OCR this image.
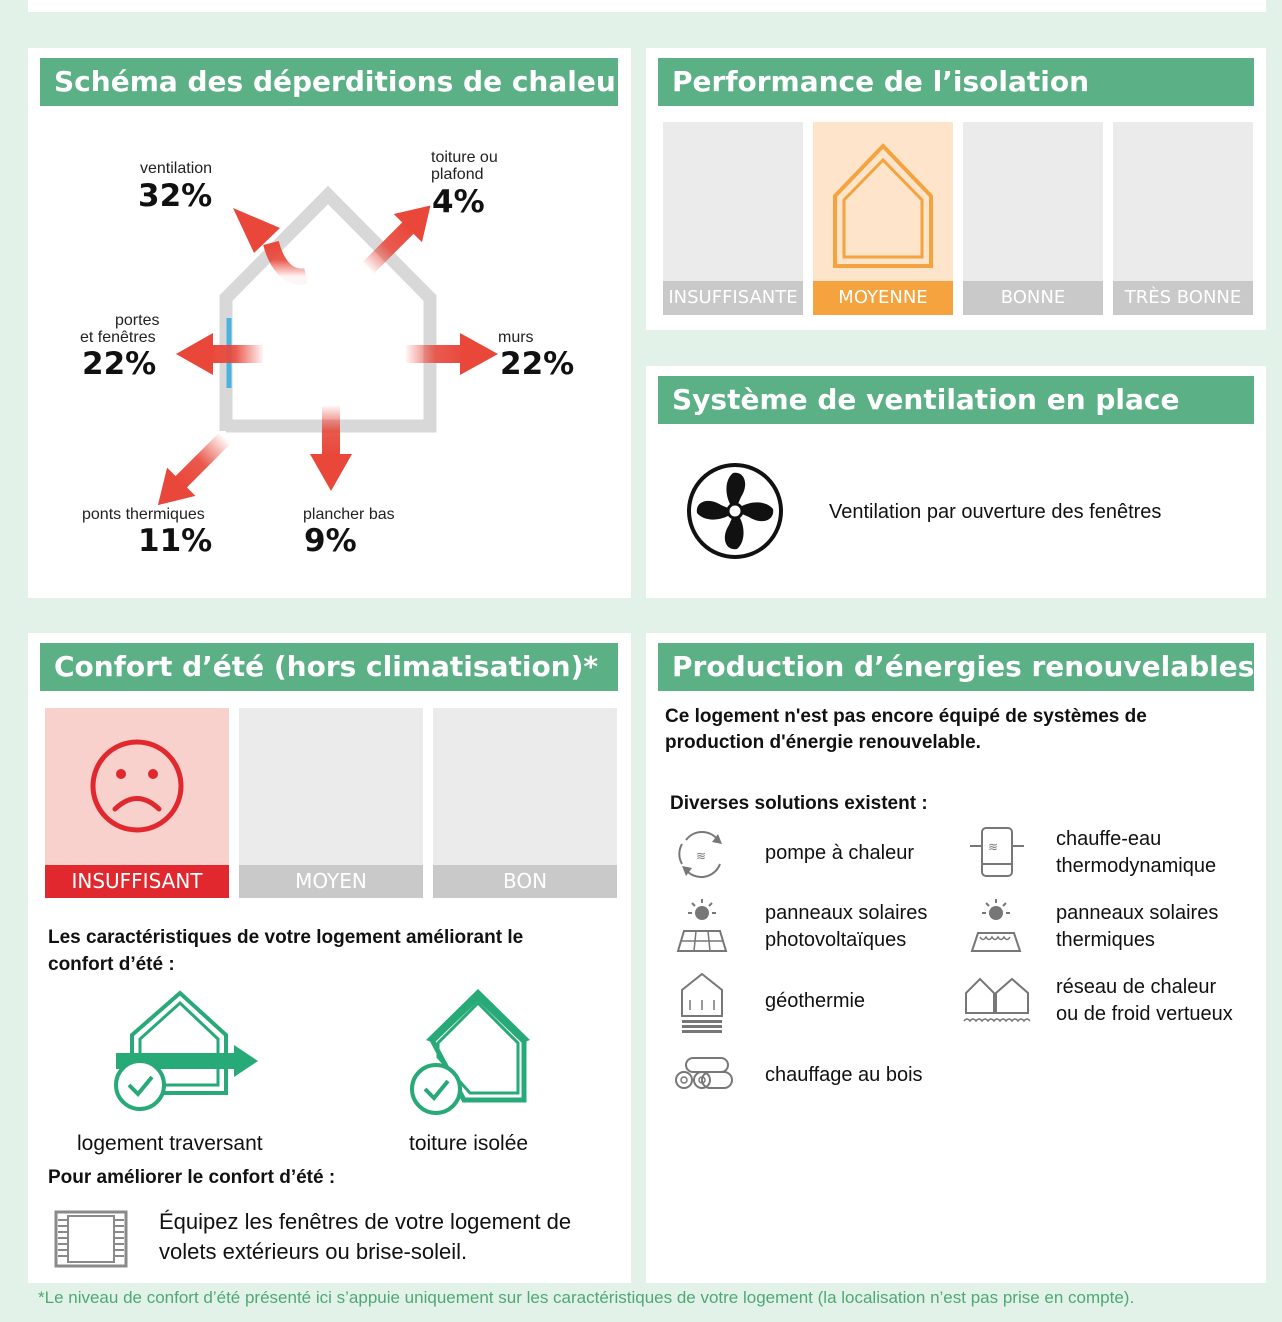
Schéma des déperditions de chaleur
ventilation
32%
toiture ou
plafond
4%
portes
et fenêtres
22%
murs
22%
ponts thermiques
11%
plancher bas
9%
Performance de l’isolation
INSUFFISANTE	MOYENNE	BONNE	TRÈS BONNE
Système de ventilation en place
Ventilation par ouverture des fenêtres
Confort d’été (hors climatisation)*
INSUFFISANT	MOYEN	BON
Les caractéristiques de votre logement améliorant le
confort d’été :
logement traversant	toiture isolée
Pour améliorer le confort d’été :
Équipez les fenêtres de votre logement de
volets extérieurs ou brise-soleil.
Production d’énergies renouvelables
Ce logement n'est pas encore équipé de systèmes de
production d'énergie renouvelable.
Diverses solutions existent :
≋	pompe à chaleur	≋	chauffe-eau
thermodynamique
panneaux solaires
photovoltaïques
panneaux solaires
thermiques
géothermie
réseau de chaleur
ou de froid vertueux
chauffage au bois
*Le niveau de confort d’été présenté ici s’appuie uniquement sur les caractéristiques de votre logement (la localisation n’est pas prise en compte).
